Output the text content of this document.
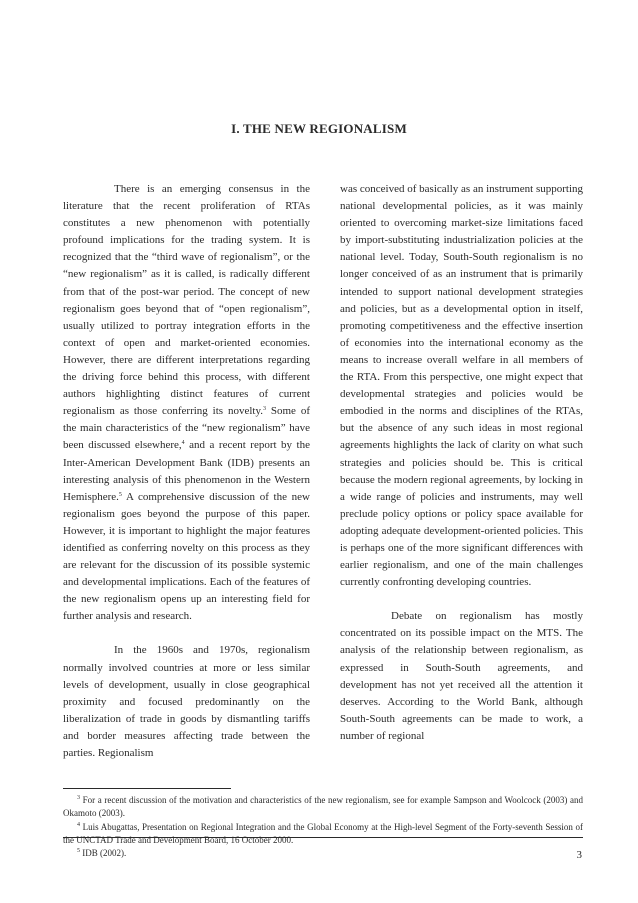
I. THE NEW REGIONALISM

There is an emerging consensus in the literature that the recent proliferation of RTAs constitutes a new phenomenon with potentially profound implications for the trading system. It is recognized that the “third wave of regionalism”, or the “new regionalism” as it is called, is radically different from that of the post-war period. The concept of new regionalism goes beyond that of “open regionalism”, usually utilized to portray integration efforts in the context of open and market-oriented economies. However, there are different interpretations regarding the driving force behind this process, with different authors highlighting distinct features of current regionalism as those conferring its novelty.$^3$ Some of the main characteristics of the “new regionalism” have been discussed elsewhere,$^4$ and a recent report by the Inter-American Development Bank (IDB) presents an interesting analysis of this phenomenon in the Western Hemisphere.$^5$ A comprehensive discussion of the new regionalism goes beyond the purpose of this paper. However, it is important to highlight the major features identified as conferring novelty on this process as they are relevant for the discussion of its possible systemic and developmental implications. Each of the features of the new regionalism opens up an interesting field for further analysis and research.

In the 1960s and 1970s, regionalism normally involved countries at more or less similar levels of development, usually in close geographical proximity and focused predominantly on the liberalization of trade in goods by dismantling tariffs and border measures affecting trade between the parties. Regionalism

was conceived of basically as an instrument supporting national developmental policies, as it was mainly oriented to overcoming market-size limitations faced by import-substituting industrialization policies at the national level. Today, South-South regionalism is no longer conceived of as an instrument that is primarily intended to support national development strategies and policies, but as a developmental option in itself, promoting competitiveness and the effective insertion of economies into the international economy as the means to increase overall welfare in all members of the RTA. From this perspective, one might expect that developmental strategies and policies would be embodied in the norms and disciplines of the RTAs, but the absence of any such ideas in most regional agreements highlights the lack of clarity on what such strategies and policies should be. This is critical because the modern regional agreements, by locking in a wide range of policies and instruments, may well preclude policy options or policy space available for adopting adequate development-oriented policies. This is perhaps one of the more significant differences with earlier regionalism, and one of the main challenges currently confronting developing countries.

Debate on regionalism has mostly concentrated on its possible impact on the MTS. The analysis of the relationship between regionalism, as expressed in South-South agreements, and development has not yet received all the attention it deserves. According to the World Bank, although South-South agreements can be made to work, a number of regional

$^3$ For a recent discussion of the motivation and characteristics of the new regionalism, see for example Sampson and Woolcock (2003) and Okamoto (2003).

$^4$ Luis Abugattas, Presentation on Regional Integration and the Global Economy at the High-level Segment of the Forty-seventh Session of the UNCTAD Trade and Development Board, 16 October 2000.

$^5$ IDB (2002).	3
